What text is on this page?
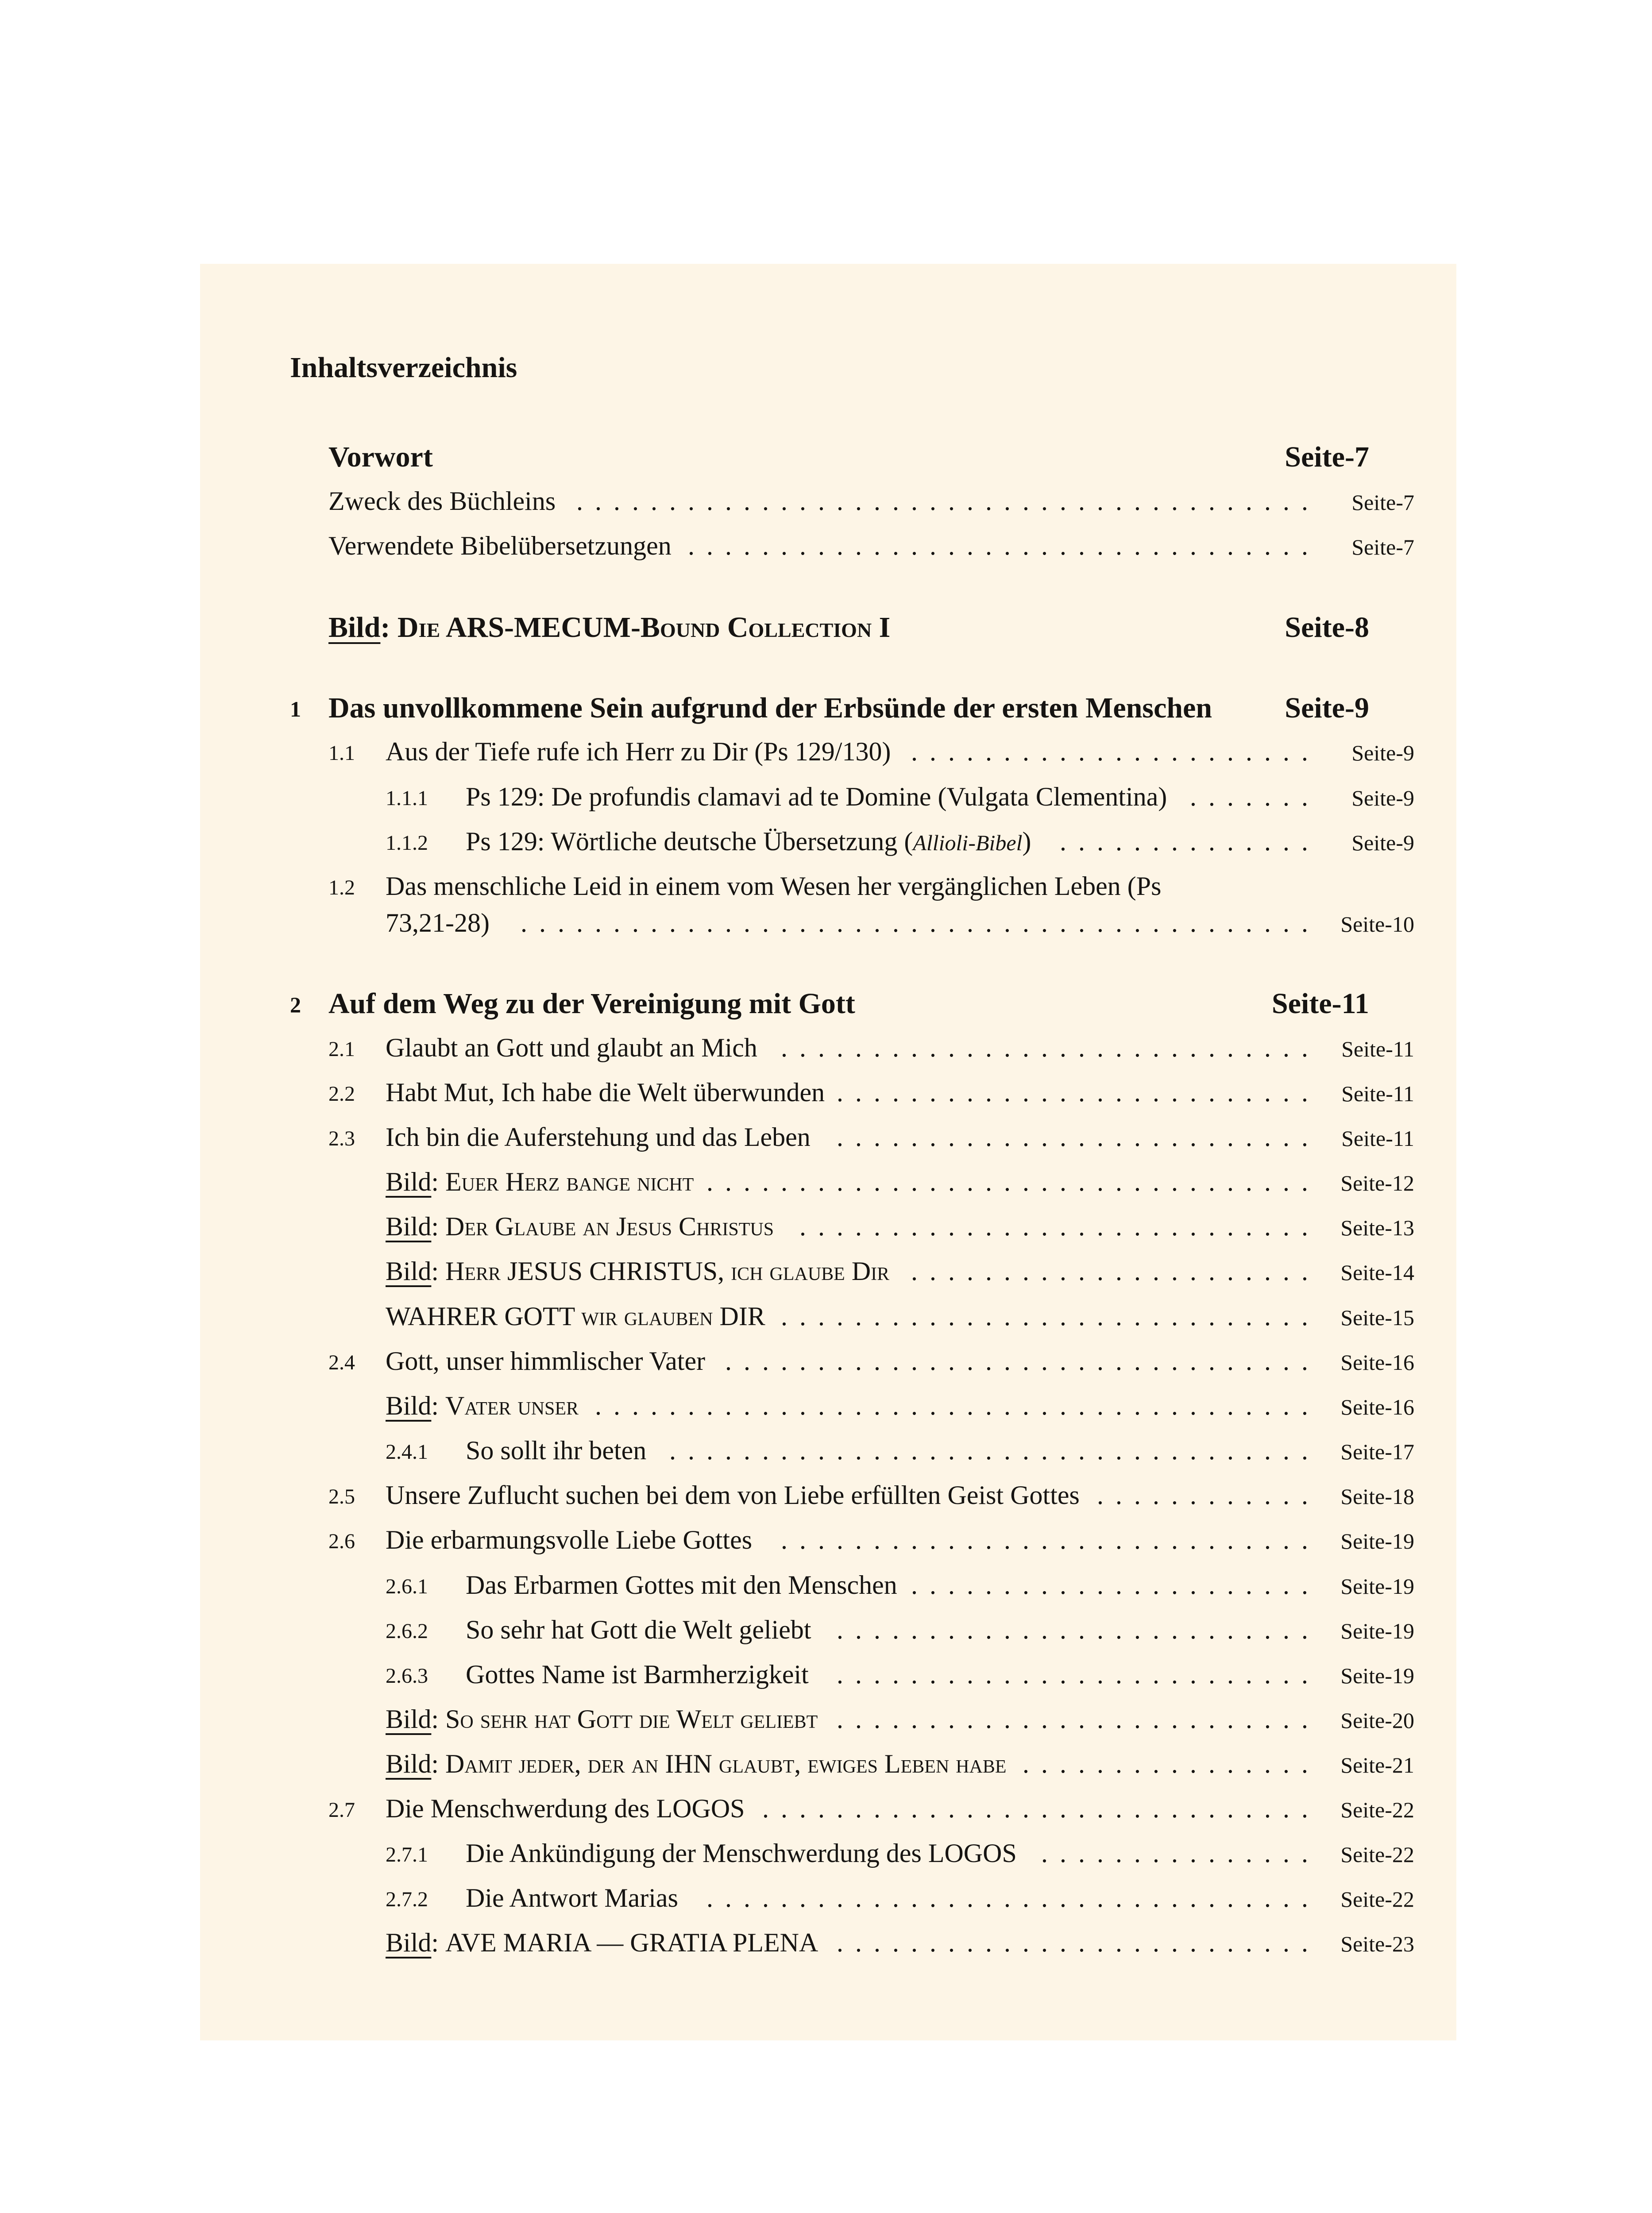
Inhaltsverzeichnis
Vorwort	Seite-7
Zweck des Büchleins ........................................	Seite-7
Verwendete Bibelübersetzungen ..................................	Seite-7
Bild: Die ARS-MECUM-Bound Collection I	Seite-8
1 Das unvollkommene Sein aufgrund der Erbsünde der ersten Menschen	Seite-9
1.1 Aus der Tiefe rufe ich Herr zu Dir (Ps 129/130) ......................	Seite-9
1.1.1 Ps 129: De profundis clamavi ad te Domine (Vulgata Clementina) .......	Seite-9
1.1.2 Ps 129: Wörtliche deutsche Übersetzung (Allioli-Bibel) ..............	Seite-9
1.2 Das menschliche Leid in einem vom Wesen her vergänglichen Leben (Ps
73,21-28) ........................................... Seite-10
2 Auf dem Weg zu der Vereinigung mit Gott	Seite-11
2.1 Glaubt an Gott und glaubt an Mich ............................. Seite-11
2.2 Habt Mut, Ich habe die Welt überwunden .......................... Seite-11
2.3 Ich bin die Auferstehung und das Leben .......................... Seite-11
Bild: Euer Herz bange nicht ................................. Seite-12
Bild: Der Glaube an Jesus Christus ............................ Seite-13
Bild: Herr JESUS CHRISTUS, ich glaube Dir ...................... Seite-14
WAHRER GOTT wir glauben DIR ............................. Seite-15
2.4 Gott, unser himmlischer Vater ................................ Seite-16
Bild: Vater unser ....................................... Seite-16
2.4.1 So sollt ihr beten ................................... Seite-17
2.5 Unsere Zuflucht suchen bei dem von Liebe erfüllten Geist Gottes ............ Seite-18
2.6 Die erbarmungsvolle Liebe Gottes ............................. Seite-19
2.6.1 Das Erbarmen Gottes mit den Menschen ...................... Seite-19
2.6.2 So sehr hat Gott die Welt geliebt .......................... Seite-19
2.6.3 Gottes Name ist Barmherzigkeit .......................... Seite-19
Bild: So sehr hat Gott die Welt geliebt .......................... Seite-20
Bild: Damit jeder, der an IHN glaubt, ewiges Leben habe ................ Seite-21
2.7 Die Menschwerdung des LOGOS .............................. Seite-22
2.7.1 Die Ankündigung der Menschwerdung des LOGOS ............... Seite-22
2.7.2 Die Antwort Marias ................................. Seite-22
Bild: AVE MARIA — GRATIA PLENA .......................... Seite-23
